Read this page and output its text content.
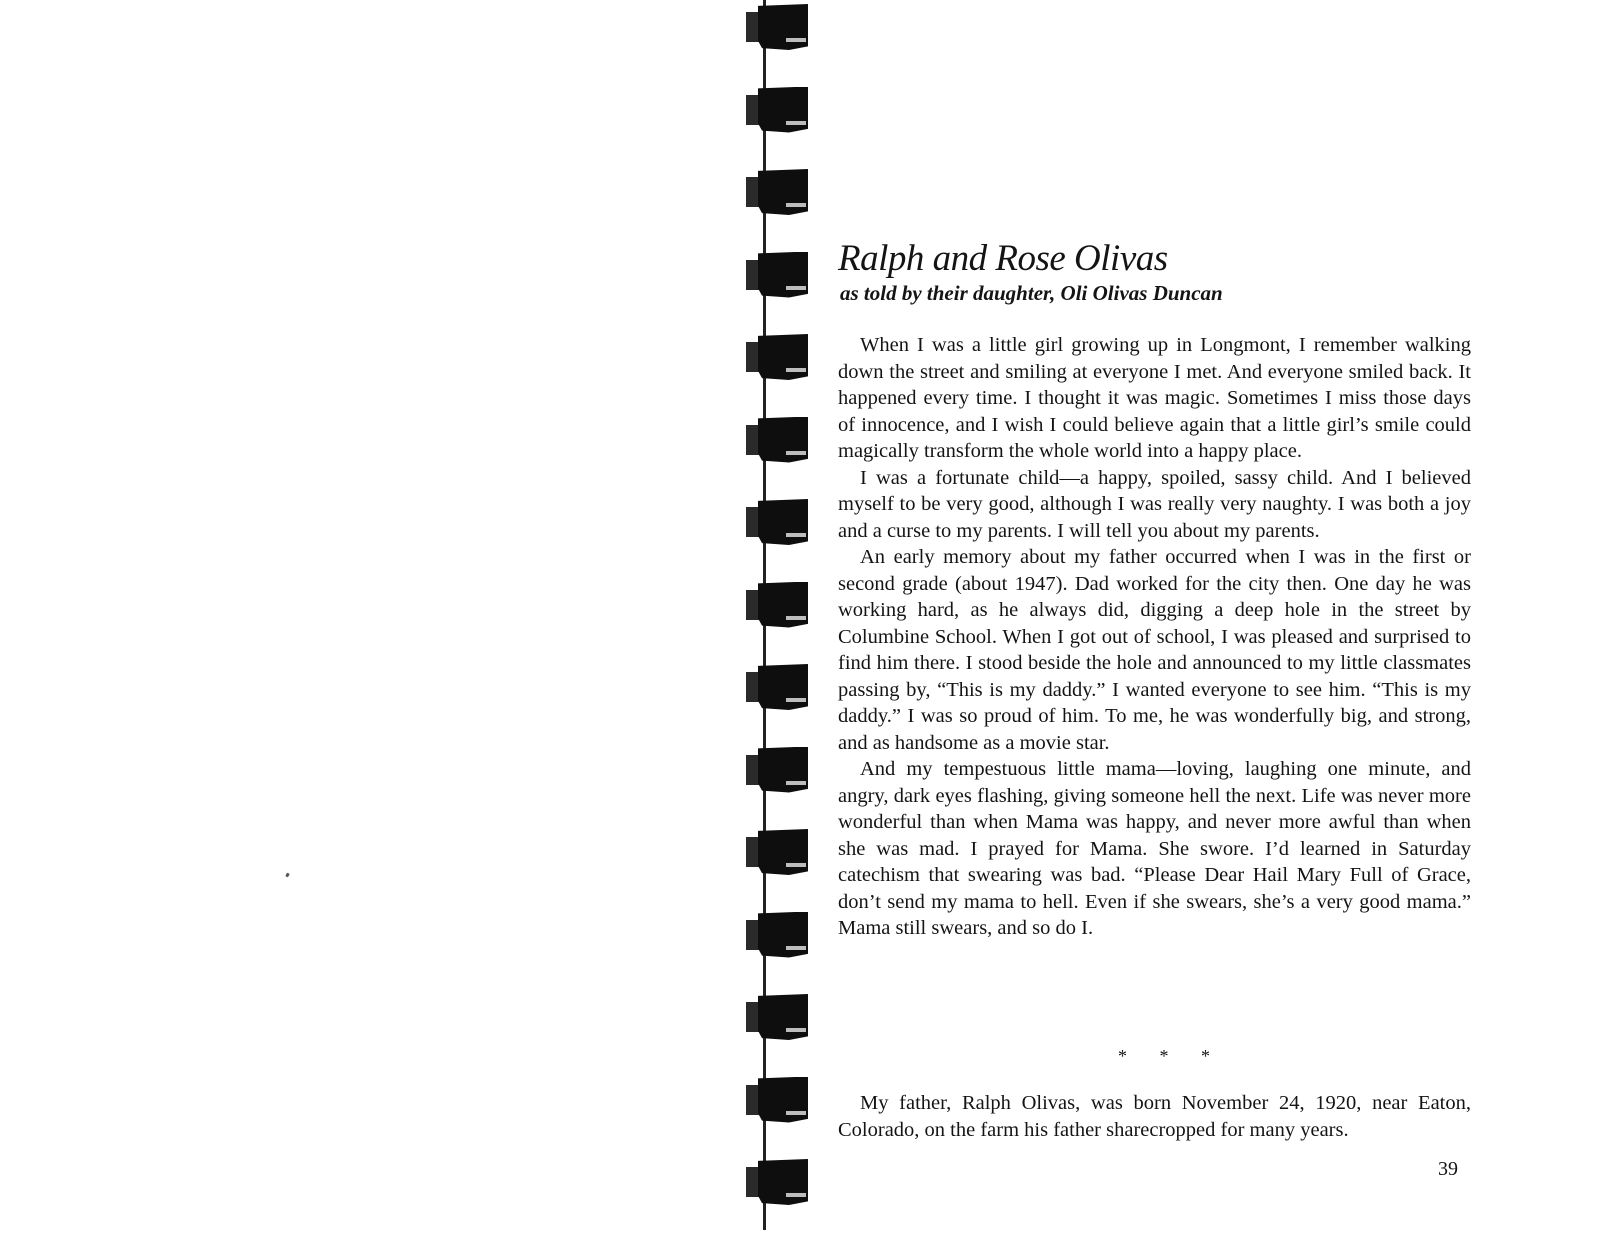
Ralph and Rose Olivas
as told by their daughter, Oli Olivas Duncan

When I was a little girl growing up in Longmont, I remember walking down the street and smiling at everyone I met. And everyone smiled back. It happened every time. I thought it was magic. Sometimes I miss those days of innocence, and I wish I could believe again that a little girl’s smile could magically transform the whole world into a happy place.

I was a fortunate child—a happy, spoiled, sassy child. And I believed myself to be very good, although I was really very naughty. I was both a joy and a curse to my parents. I will tell you about my parents.

An early memory about my father occurred when I was in the first or second grade (about 1947). Dad worked for the city then. One day he was working hard, as he always did, digging a deep hole in the street by Columbine School. When I got out of school, I was pleased and surprised to find him there. I stood beside the hole and announced to my little classmates passing by, “This is my daddy.” I wanted everyone to see him. “This is my daddy.” I was so proud of him. To me, he was wonderfully big, and strong, and as handsome as a movie star.

And my tempestuous little mama—loving, laughing one minute, and angry, dark eyes flashing, giving someone hell the next. Life was never more wonderful than when Mama was happy, and never more awful than when she was mad. I prayed for Mama. She swore. I’d learned in Saturday catechism that swearing was bad. “Please Dear Hail Mary Full of Grace, don’t send my mama to hell. Even if she swears, she’s a very good mama.” Mama still swears, and so do I.

* * *

My father, Ralph Olivas, was born November 24, 1920, near Eaton, Colorado, on the farm his father sharecropped for many years.

39
